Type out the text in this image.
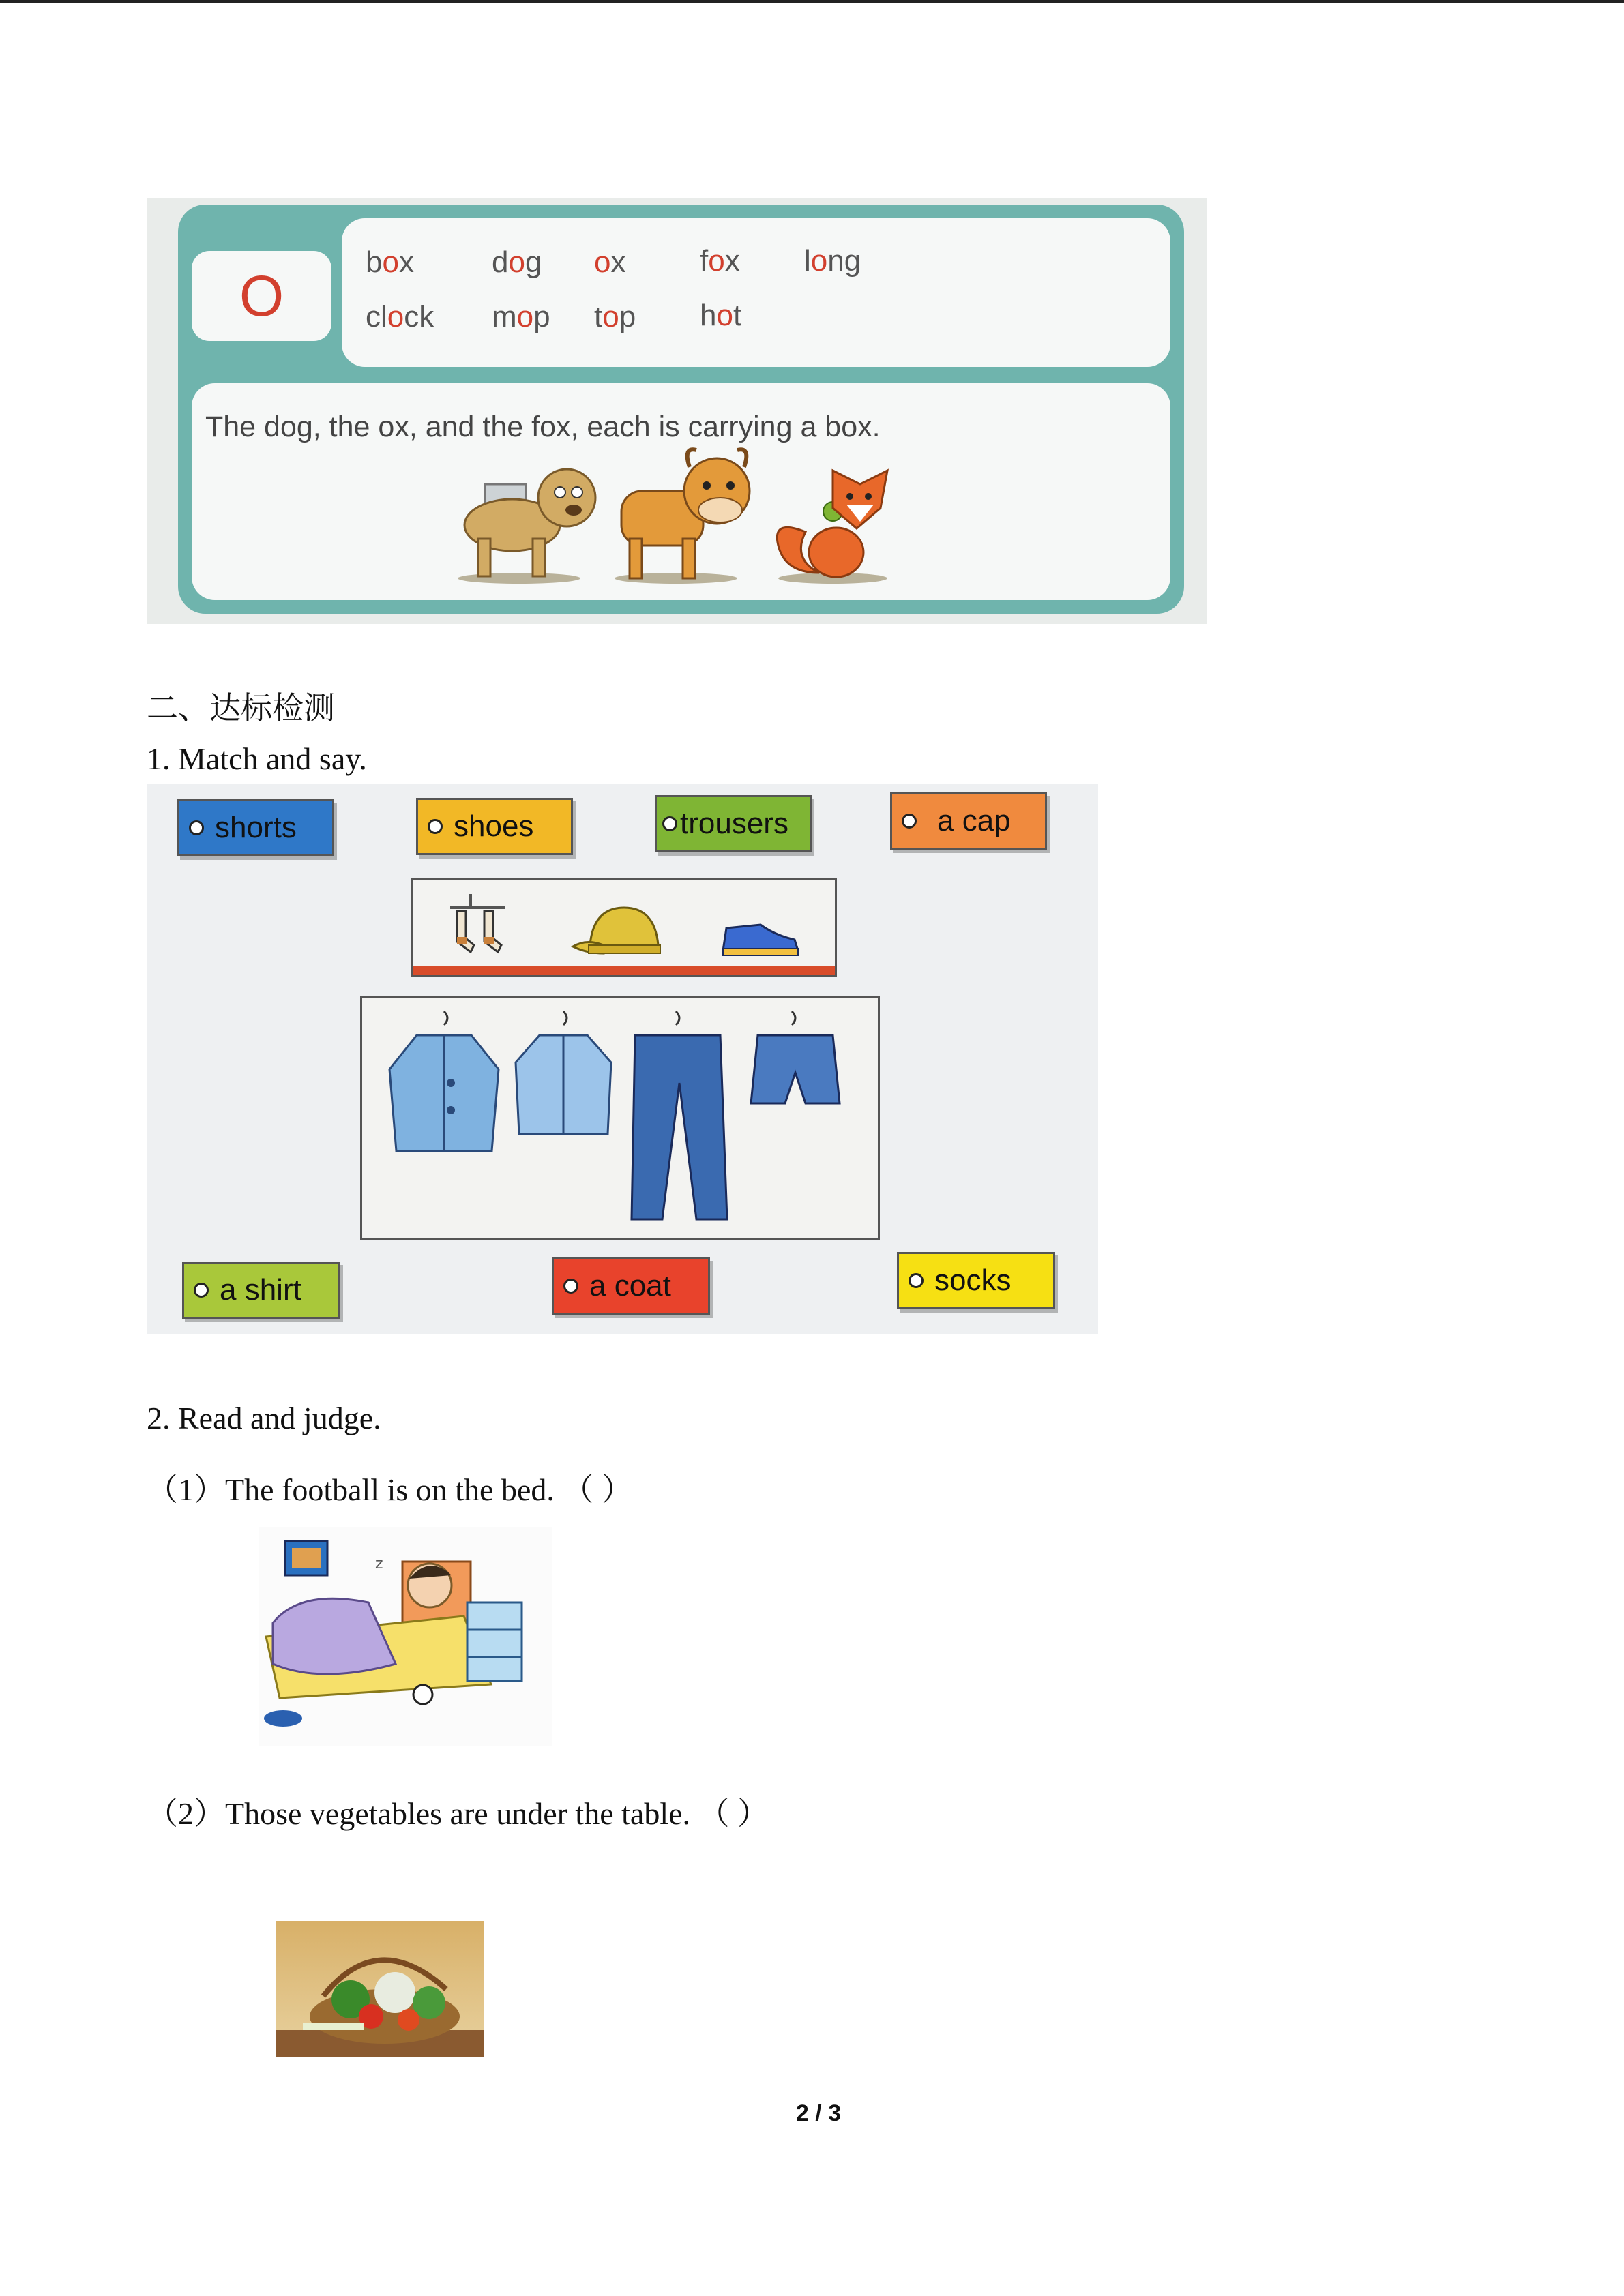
O
box	dog ox fox long
clock mop top hot
The dog, the ox, and the fox, each is carrying a box.
二、达标检测
1. Match and say.
shorts	shoes	trousers	a cap
a shirt	a coat	socks
2. Read and judge.
（1）The football is on the bed. （ ）
z
（2）Those vegetables are under the table. （ ）
2 / 3
